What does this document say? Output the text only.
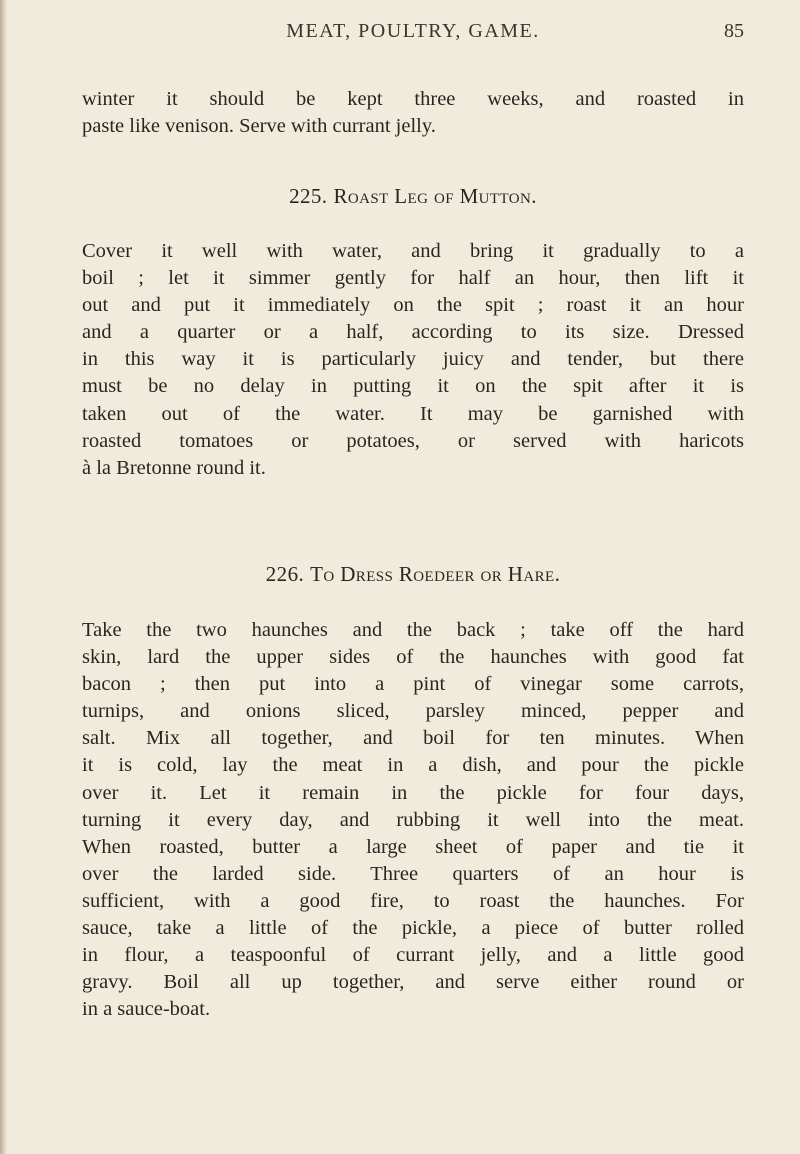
MEAT, POULTRY, GAME.	85
winter it should be kept three weeks, and roasted in
paste like venison. Serve with currant jelly.
225. Roast Leg of Mutton.
Cover it well with water, and bring it gradually to a
boil ; let it simmer gently for half an hour, then lift it
out and put it immediately on the spit ; roast it an hour
and a quarter or a half, according to its size. Dressed
in this way it is particularly juicy and tender, but there
must be no delay in putting it on the spit after it is
taken out of the water. It may be garnished with
roasted tomatoes or potatoes, or served with haricots
à la Bretonne round it.
226. To Dress Roedeer or Hare.
Take the two haunches and the back ; take off the hard
skin, lard the upper sides of the haunches with good fat
bacon ; then put into a pint of vinegar some carrots,
turnips, and onions sliced, parsley minced, pepper and
salt. Mix all together, and boil for ten minutes. When
it is cold, lay the meat in a dish, and pour the pickle
over it. Let it remain in the pickle for four days,
turning it every day, and rubbing it well into the meat.
When roasted, butter a large sheet of paper and tie it
over the larded side. Three quarters of an hour is
sufficient, with a good fire, to roast the haunches. For
sauce, take a little of the pickle, a piece of butter rolled
in flour, a teaspoonful of currant jelly, and a little good
gravy. Boil all up together, and serve either round or
in a sauce-boat.
